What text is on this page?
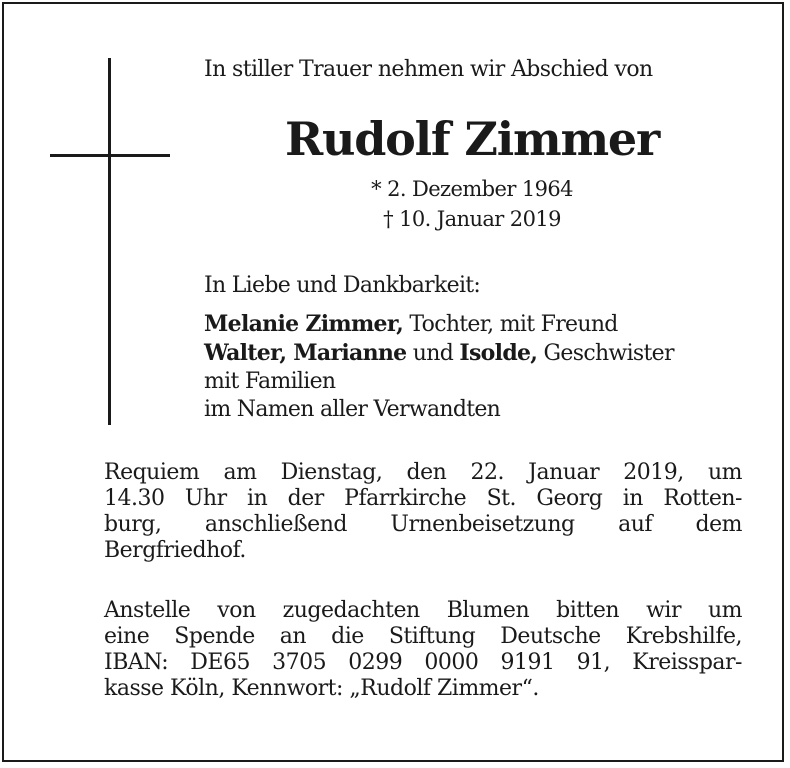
In stiller Trauer nehmen wir Abschied von
Rudolf Zimmer
* 2. Dezember 1964
† 10. Januar 2019
In Liebe und Dankbarkeit:
Melanie Zimmer, Tochter, mit Freund
Walter, Marianne und Isolde, Geschwister
mit Familien
im Namen aller Verwandten
Requiem am Dienstag, den 22. Januar 2019, um
14.30 Uhr in der Pfarrkirche St. Georg in Rotten-
burg, anschließend Urnenbeisetzung auf dem
Bergfriedhof.
Anstelle von zugedachten Blumen bitten wir um
eine Spende an die Stiftung Deutsche Krebshilfe,
IBAN: DE65 3705 0299 0000 9191 91, Kreisspar-
kasse Köln, Kennwort: „Rudolf Zimmer“.
